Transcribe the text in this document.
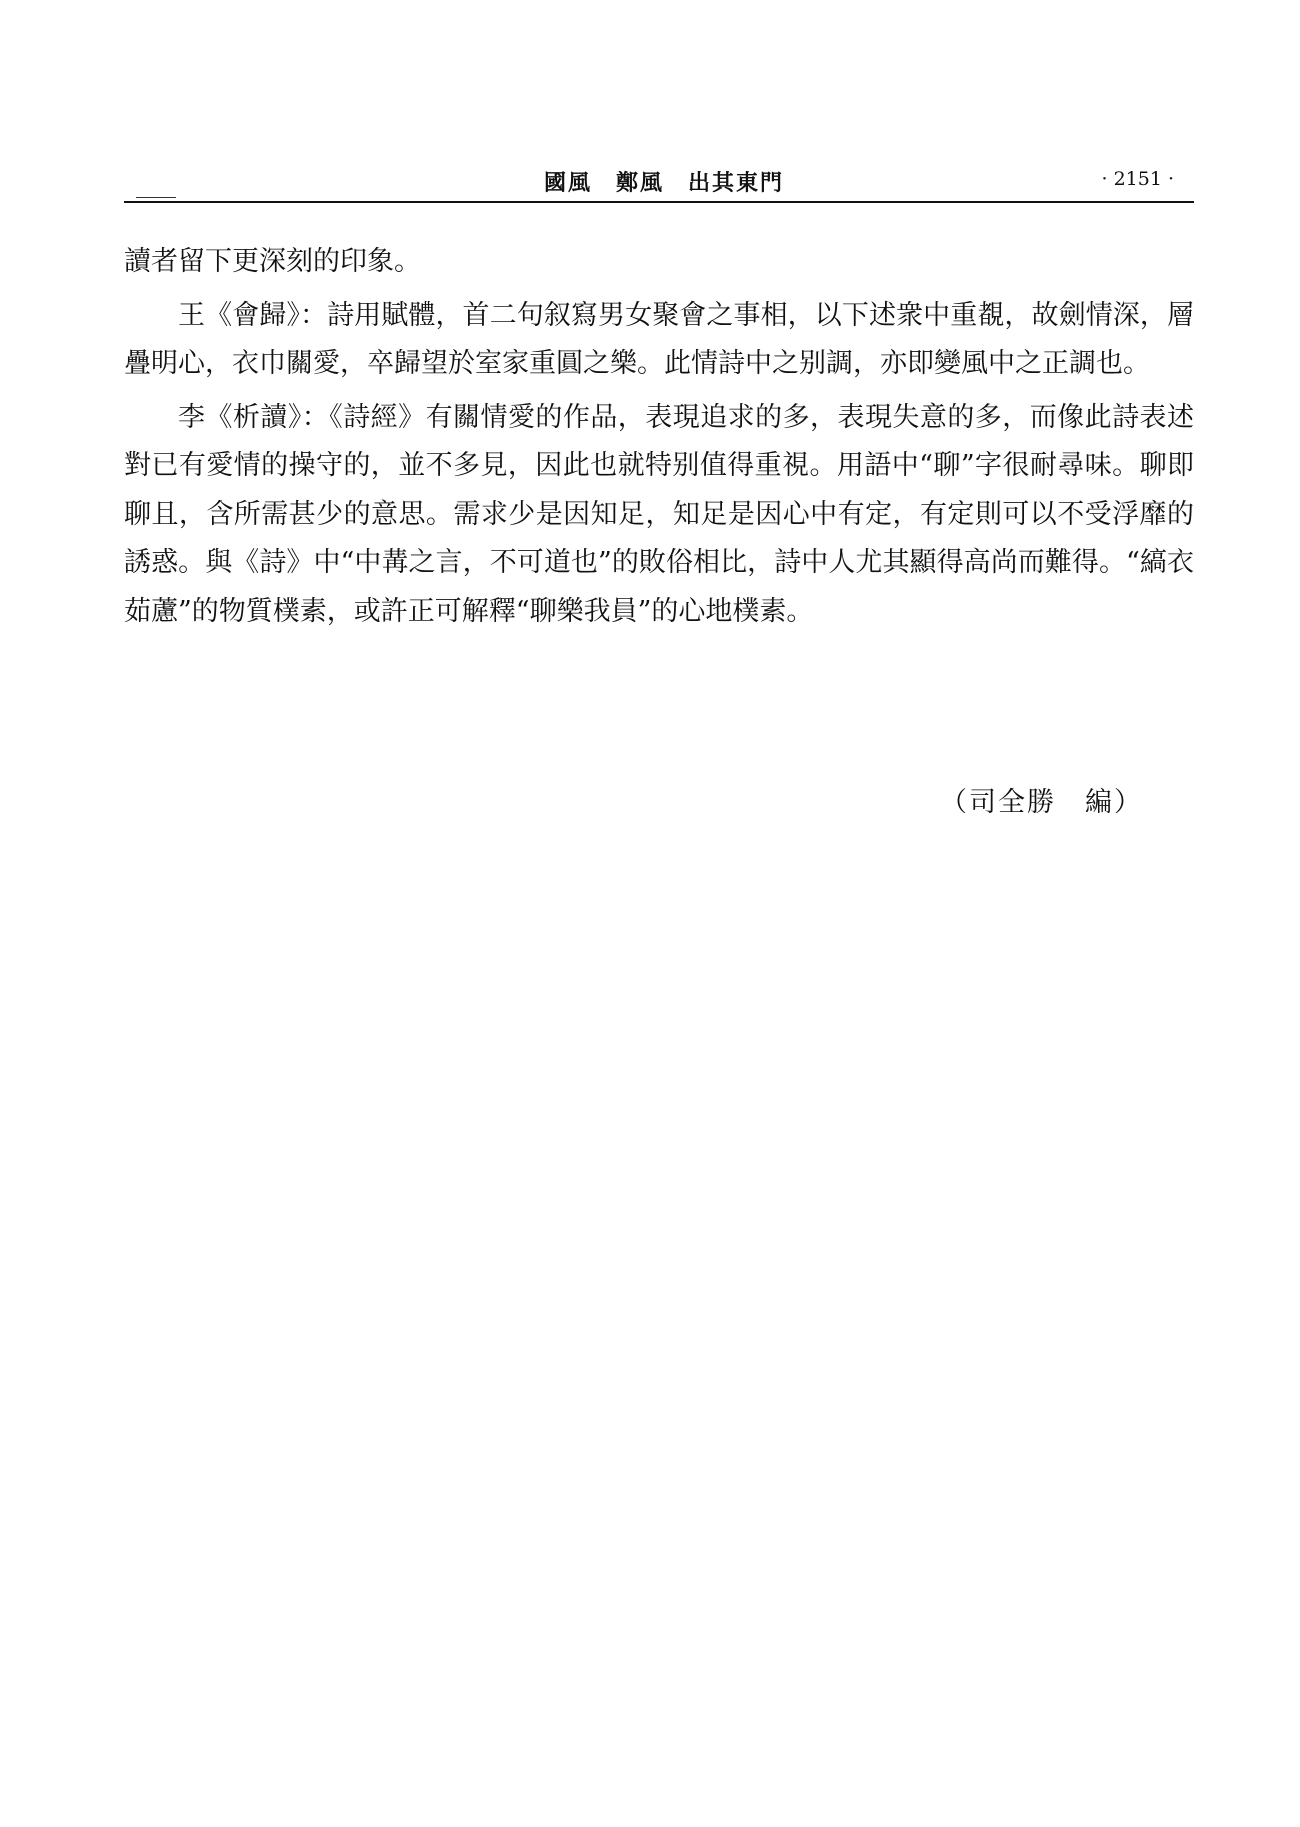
國風　鄭風　出其東門	· 2151 ·

讀者留下更深刻的印象。

王《會歸》：詩用賦體，首二句叙寫男女聚會之事相，以下述衆中重覩，故劍情深，層疊明心，衣巾關愛，卒歸望於室家重圓之樂。此情詩中之别調，亦即變風中之正調也。

李《析讀》：《詩經》有關情愛的作品，表現追求的多，表現失意的多，而像此詩表述對已有愛情的操守的，並不多見，因此也就特别值得重視。用語中“聊”字很耐尋味。聊即聊且，含所需甚少的意思。需求少是因知足，知足是因心中有定，有定則可以不受浮靡的誘惑。與《詩》中“中冓之言，不可道也”的敗俗相比，詩中人尤其顯得高尚而難得。“縞衣茹藘”的物質樸素，或許正可解釋“聊樂我員”的心地樸素。

（司全勝　編）
